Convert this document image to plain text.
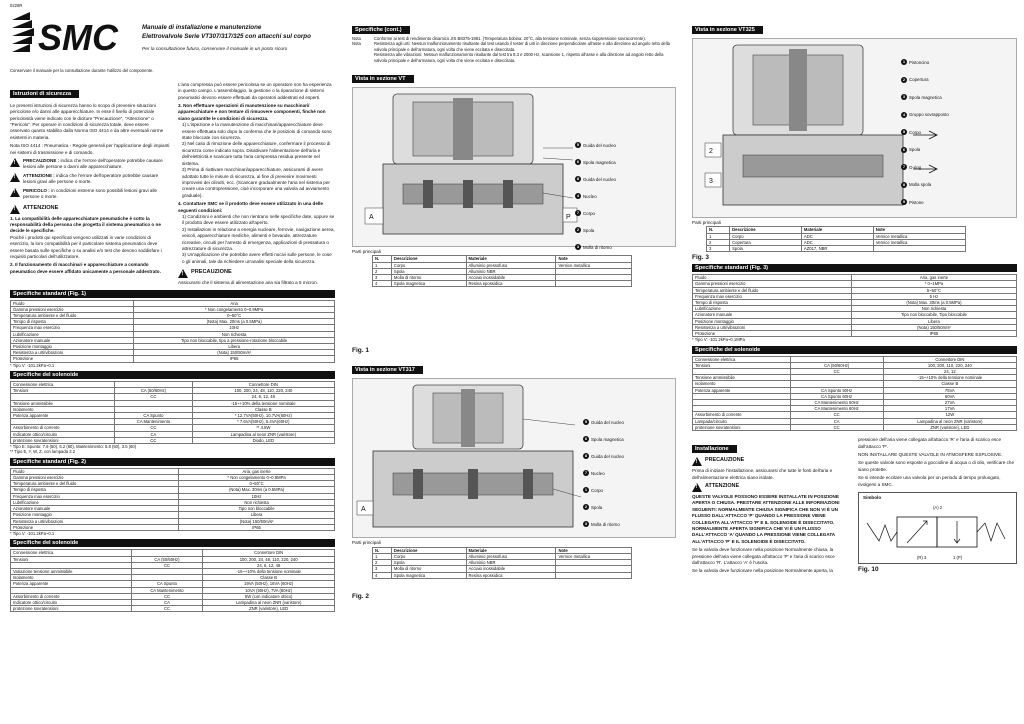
0226R
SMC	Manuale di installazione e manutenzione
Elettrovalvole Serie VT307/317/325 con attacchi sul corpo
Per la consultazione futura, conservare il manuale in un posto sicuro
Conservare il manuale per la consultazione durante l'utilizzo del componente.
Istruzioni di sicurezza
Le presenti istruzioni di sicurezza hanno lo scopo di prevenire situazioni pericolose e/o danni alle apparecchiature. In esse il livello di potenziale pericolosità viene indicato con le diciture "Precauzione", "Attenzione" o "Pericolo". Per operare in condizioni di sicurezza totale, deve essere osservato quanto stabilito dalla Norma ISO 4414 e da altre eventuali norme esistenti in materia.
Nota ISO 4414 : Pneumatica - Regole generali per l'applicazione degli impianti nei sistemi di trasmissione e di comando.
!
PRECAUZIONE : indica che l'errore dell'operatore potrebbe causare lesioni alle persone o danni alle apparecchiature.
!
ATTENZIONE : indica che l'errore dell'operatore potrebbe causare lesioni gravi alle persone o morte.
!
PERICOLO : in condizioni estreme sono possibili lesioni gravi alle persone o morte.
!
ATTENZIONE
1. La compatibilità delle apparecchiature pneumatiche è sotto la responsabilità della persona che progetta il sistema pneumatico o ne decide le specifiche.
Poiché i prodotti qui specificati vengono utilizzati in varie condizioni di esercizio, la loro compatibilità per il particolare sistema pneumatico deve essere basata sulle specifiche o su analisi e/o test che devono soddisfare i requisiti particolari dell'utilizzatore.
2. Il funzionamento di macchinari e apparecchiature a comando pneumatico deve essere affidato unicamente a personale addestrato.
L'aria compressa può essere pericolosa se un operatore non ha esperienza in questo campo. L'assemblaggio, la gestione o la riparazione di sistemi pneumatici devono essere effettuati da operatori addestrati ed esperti.
3. Non effettuare operazioni di manutenzione su macchinari/ apparecchiature e non tentare di rimuovere componenti, finché non siano garantite le condizioni di sicurezza.
1) L'ispezione e la manutenzione di macchinari/apparecchiature deve essere effettuata solo dopo la conferma che le posizioni di comando sono state bloccate con sicurezza.
2) Nel caso di rimozione delle apparecchiature, confermare il processo di sicurezza come indicato sopra. Disattivare l'alimentazione dell'aria e dell'elettricità e scaricare tutta l'aria compressa residua presente nel sistema.
3) Prima di riattivare macchinari/apparecchiature, assicurarsi di avere adottato tutte le misure di sicurezza, al fine di prevenire movimenti improvvisi dei cilindri, ecc. (Scaricare gradualmente l'aria nel sistema per creare una contropressione, cioè incorporare una valvola ad avviamento graduale).
4. Contattare SMC se il prodotto deve essere utilizzato in una delle seguenti condizioni:
1) Condizioni e ambienti che non rientrano nelle specifiche date, oppure se il prodotto deve essere utilizzato all'aperto.
2) Installazioni in relazione a energia nucleare, ferrovie, navigazione aerea, veicoli, apparecchiature mediche, alimenti e bevande, attrezzature ricreative, circuiti per l'arresto di emergenza, applicazioni di pressatura o attrezzature di sicurezza.
3) Un'applicazione che potrebbe avere effetti nocivi sulle persone, le cose o gli animali, tale da richiedere un'analisi speciale della sicurezza.
!
PRECAUZIONE
Assicurarsi che il sistema di alimentazione aria sia filtrato a 5 micron.
Specifiche standard (Fig. 1)
Fluido	Aria
Gamma pressioni esercizio	* Non congelamento 0~0.9MPa
Temperatura ambiente e del fluido	0~50°C
Tempo di risposta	(Nota) Max. 20ms (a 0.5MPa)
Frequenza max esercizio	10Hz
Lubrificazione	Non richiesta
Azionatore manuale	Tipo non bloccabile, tipo a pressione-rotazione bloccabile
Posizione montaggio	Libera
Resistenza a urti/vibrazioni	(Nota) 150/50m/s²
Protezione	IP65
* Tipo V: -101.2kPa~0.1
Specifiche del solenoide
Connessione elettrica		Connettore DIN
Tensioni	CA (50/60Hz)	100, 200, 24, 48, 110, 220, 240
	CC	24, 6, 12, 48
Tensione ammissibile		-15~+10% della tensione nominale
Isolamento		Classe B
Potenza apparente	CA Spunto	* 12.7VA(50Hz), 10.7VA(60Hz)
	CA Mantenimento	* 7.6VA(50Hz), 5.4VA(60Hz)
Assorbimento di corrente	CC	** 4.8W
Indicatore ottico/circuito	CA	Lampadina al neon ZNR (varistore)
protezione sovratensioni	CC	Diodo, LED
* Tipo E: Spunto: 7.9 (50), 6.2 (60), Mantenimento: 5.8 (50), 3.5 (60)
** Tipo E, Y, W, Z, con lampada 2.2
Specifiche standard (Fig. 2)
Fluido	Aria, gas inerte
Gamma pressioni esercizio	* Non congelamento 0~0.9MPa
Temperatura ambiente e del fluido	0~50°C
Tempo di risposta	(Nota) Max. 30ms (a 0.5MPa)
Frequenza max esercizio	10Hz
Lubrificazione	Non richiesta
Azionatore manuale	Tipo non bloccabile
Posizione montaggio	Libera
Resistenza a urti/vibrazioni	(Nota) 150/50m/s²
Protezione	IP65
* Tipo V: -101.2kPa~0.1
Specifiche del solenoide
Connessione elettrica		Connettore DIN
Tensioni	CA (50/60Hz)	100, 200, 24, 48, 110, 220, 240
	CC	24, 6, 12, 48
Variazione tensione ammissibile		-15~+10% della tensione nominale
Isolamento		Classe B
Potenza apparente	CA Spunto	19VA (50Hz), 16VA (60Hz)
	CA Mantenimento	10VA (50Hz), 7VA (60Hz)
Assorbimento di corrente	CC	6W (con indicatore ottico)
Indicatore ottico/circuito	CA	Lampadina al neon ZNR (varistore)
protezione sovratensioni	CC	ZNR (varistore), LED
Specifiche (cont.)
Nota	Conforme ai test di rendimento dinamico JIS B8375-1981. (Temperatura bobina: 20°C, alla tensione nominale, senza soppressione sovracorrente).
Nota	Resistenza agli urti: Nessun malfunzionamento risultante dal test usando il tester di urti in direzione perpendicolare all'asse e alla direzione ad angolo retto della valvola principale e dell'armatura, ogni volta che viene eccitata e diseccitata.
Resistenza alle vibrazioni: Nessun malfunzionamento risultante dal test tra 8.3 e 2000 Hz, scansione 1, rispetto all'asse e alla direzione ad angolo retto della valvola principale e dell'armatura, ogni volta che viene eccitata e diseccitata.
Vista in sezione VT
A	P
5 Guida del nucleo
6 Spola magnetica
8 Guida del nucleo
4 Nucleo
7 Corpo
2 Spola
3 Molla di ritorno
Parti principali
N.	Descrizione	Materiale	Note
1	Corpo	Alluminio pressofuso	Vernice metallica
2	Spola	Alluminio NBR	
3	Molla di ritorno	Acciaio inossidabile	
4	Spola magnetica	Resina epossidica	
Fig. 1
Vista in sezione VT317
A
5 Guida del nucleo
6 Spola magnetica
8 Guida del nucleo
7 Nucleo
1 Corpo
2 Spola
3 Molla di ritorno
Parti principali
N.	Descrizione	Materiale	Note
1	Corpo	Alluminio pressofuso	Vernice metallica
2	Spola	Alluminio NBR	
3	Molla di ritorno	Acciaio inossidabile	
4	Spola magnetica	Resina epossidica	
Fig. 2
Vista in sezione VT325
2
3
1 Pistoncino
2 Copertura
3 Spola magnetica
4 Gruppo sovrapposto
5 Corpo
6 Spola
7 O-ring
8 Molla spola
9 Pistone
Parti principali
N.	Descrizione	Materiale	Note
1	Corpo	ADC	Vernice metallica
2	Copertura	ADC	Vernice metallica
3	Spola	AZ017, NBR	
Fig. 3
Specifiche standard (Fig. 3)
Fluido	Aria, gas inerte
Gamma pressioni esercizio	* 0~1MPa
Temperatura ambiente e del fluido	5~50°C
Frequenza max esercizio	5 Hz
Tempo di risposta	(Nota) Max. 30ms (a 0.5MPa)
Lubrificazione	Non richiesta
Azionatore manuale	Tipo non bloccabile, Tipo bloccabile
Posizione montaggio	Libera
Resistenza a urti/vibrazioni	(Nota) 150/50m/s²
Protezione	IP65
* Tipo V: -101.2kPa~0.1MPa
Specifiche del solenoide
Connessione elettrica		Connettore DIN
Tensioni	CA (50/60Hz)	100, 200, 110, 220, 240
	CC	24, 12
Tensione ammissibile		-15~+10% della tensione nominale
Isolamento		Classe B
Potenza apparente	CA Spunto 50Hz	75VA
	CA Spunto 60Hz	60VA
	CA Mantenimento 50Hz	27VA
	CA Mantenimento 60Hz	17VA
Assorbimento di corrente	CC	12W
Lampada/circuito	CA	Lampadina al neon ZNR (varistore)
protezione sovratensioni	CC	ZNR (varistore), LED
Installazione
!
PRECAUZIONE
Prima di iniziare l'installazione, assicurarsi che tutte le fonti dell'aria e dell'alimentazione elettrica siano isolate.
!
ATTENZIONE
QUESTE VALVOLE POSSONO ESSERE INSTALLATE IN POSIZIONE APERTA O CHIUSA. PRESTARE ATTENZIONE ALLE INFORMAZIONI SEGUENTI: NORMALMENTE CHIUSA SIGNIFICA CHE NON VI È UN FLUSSO DALL'ATTACCO 'P' QUANDO LA PRESSIONE VIENE COLLEGATA ALL'ATTACCO 'P' E IL SOLENOIDE È DISECCITATO. NORMALMENTE APERTA SIGNIFICA CHE VI È UN FLUSSO DALL'ATTACCO 'A' QUANDO LA PRESSIONE VIENE COLLEGATA ALL'ATTACCO 'P' E IL SOLENOIDE È DISECCITATO.
Se la valvola deve funzionare nella posizione Normalmente chiusa, la pressione dell'aria viene collegata all'attacco 'P' e l'aria di scarico esce dall'attacco 'R'. L'attacco 'A' è l'uscita.
Se la valvola deve funzionare nella posizione Normalmente aperta, la
pressione dell'aria viene collegata all'attacco 'R' e l'aria di scarico esce dall'attacco 'P'.
NON INSTALLARE QUESTE VALVOLE IN ATMOSFERE ESPLOSIVE.
Se queste valvole sono esposte a goccioline di acqua o di olio, verificare che siano protette.
Se si intende eccitare una valvola per un periodo di tempo prolungato, rivolgersi a SMC.
Simbolo
(A) 2
(R) 3	1 (P)
Fig. 10
